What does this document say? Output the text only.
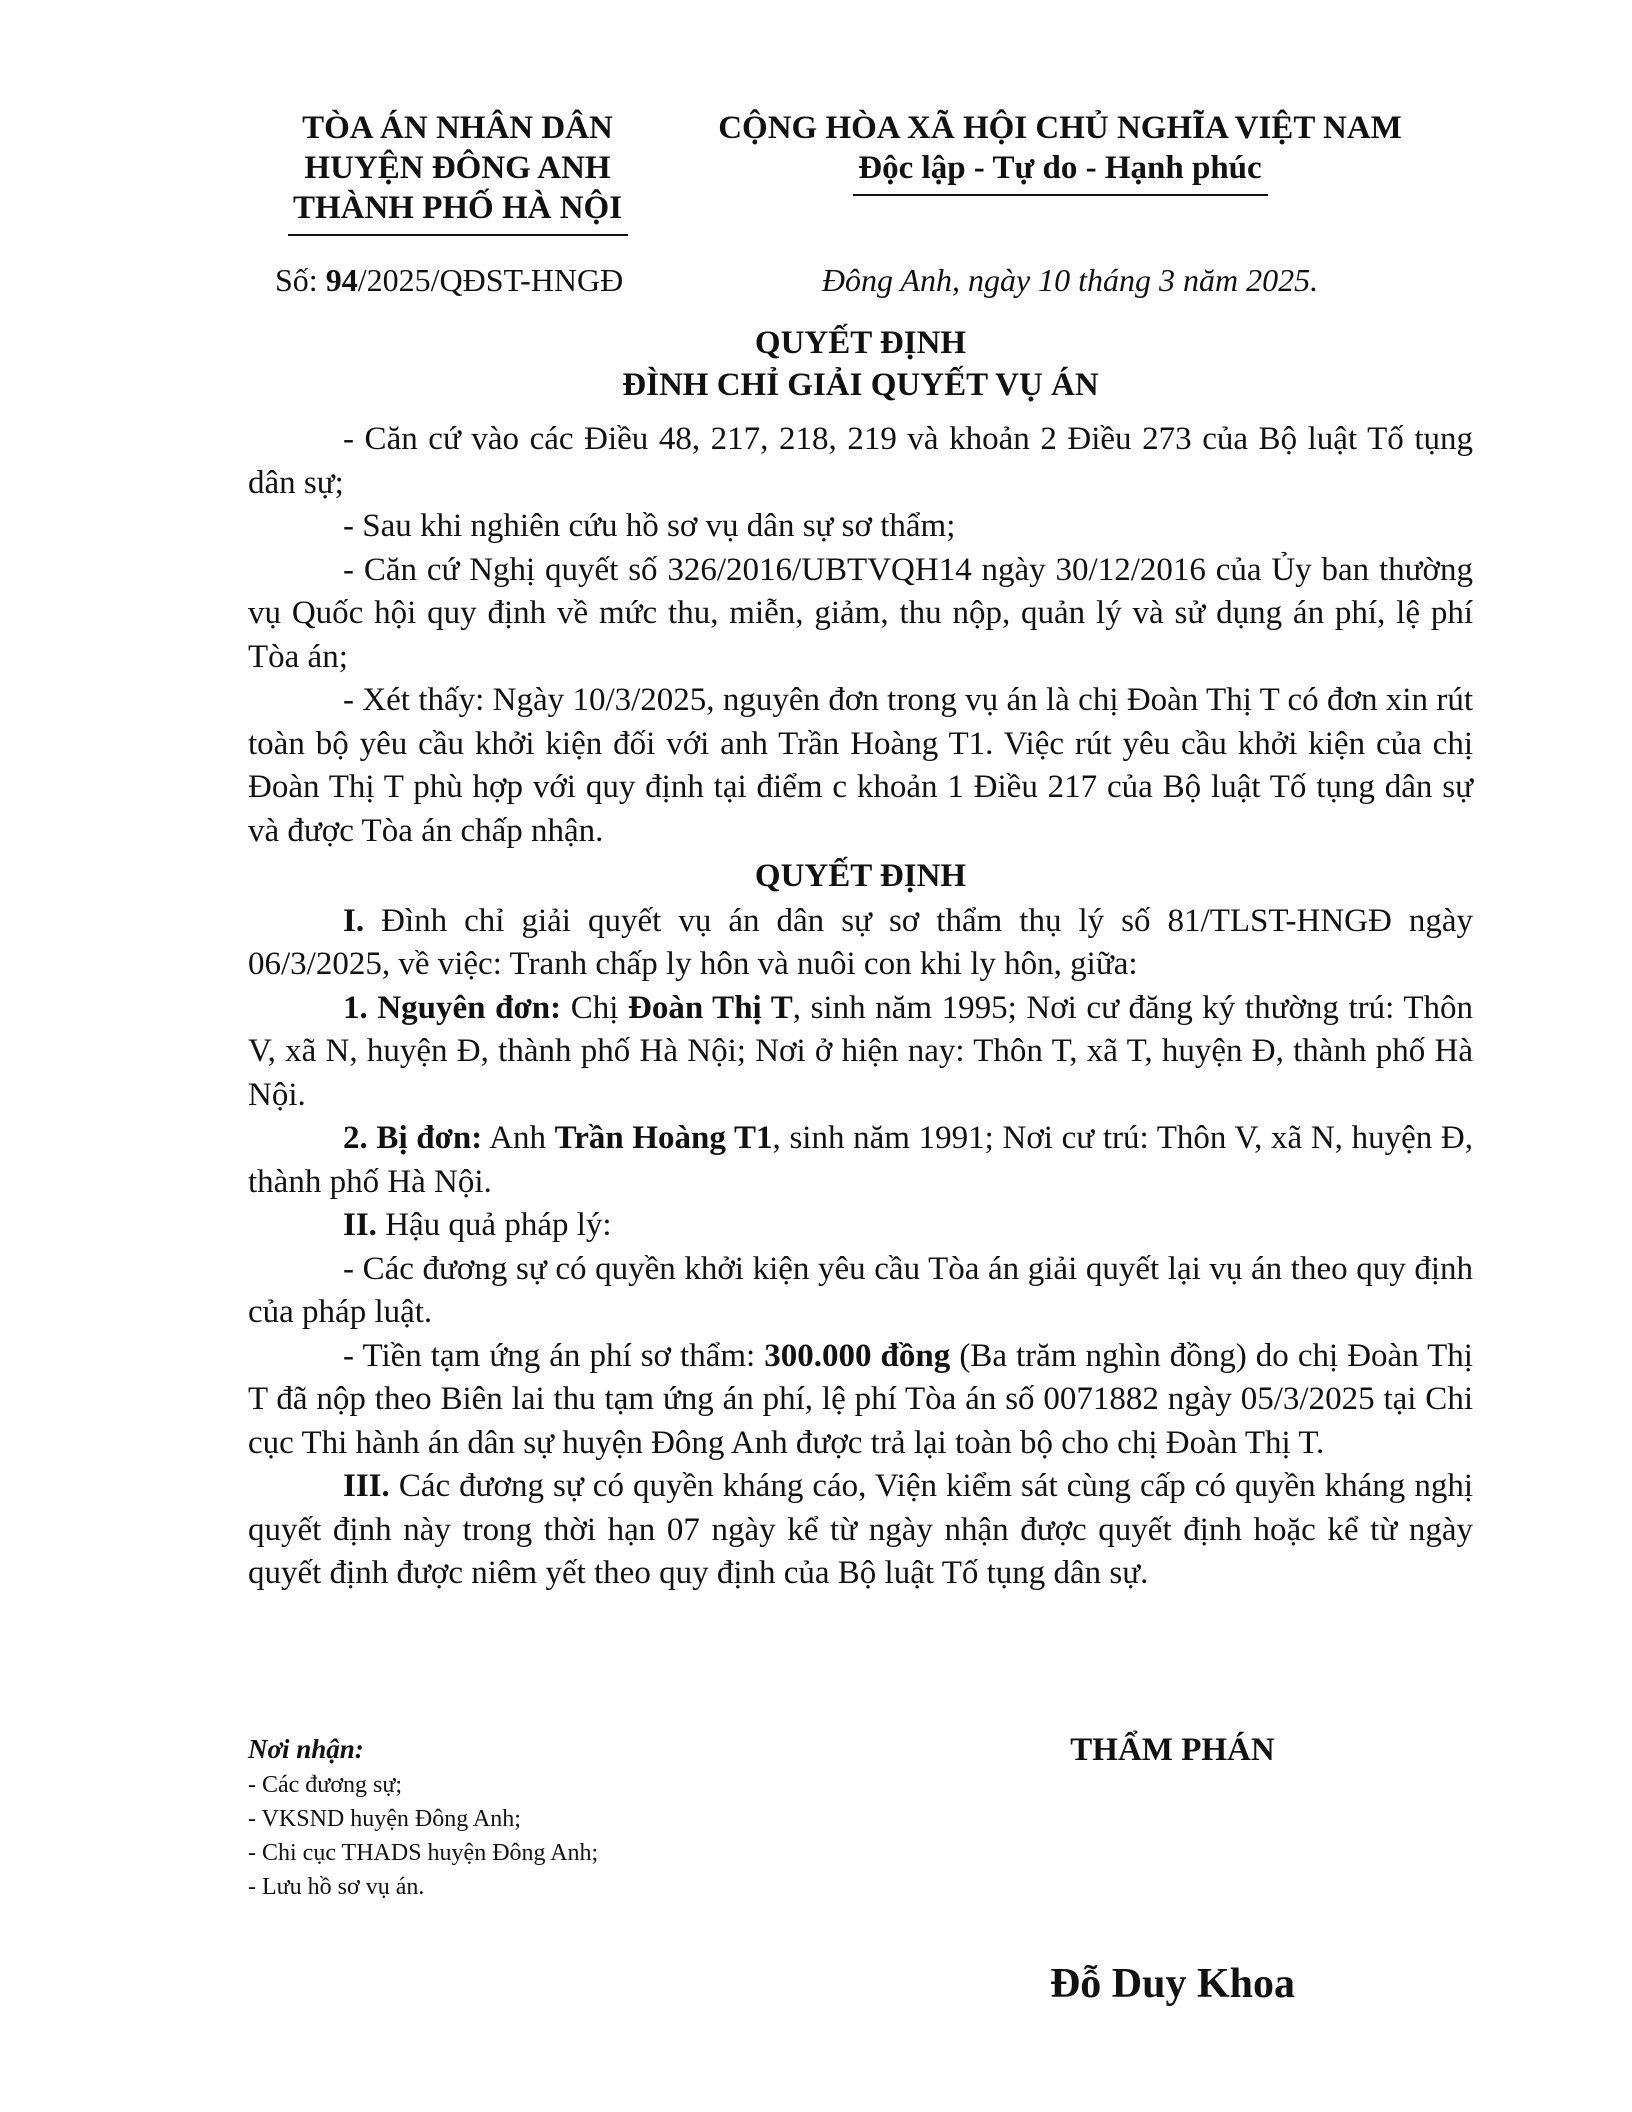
TÒA ÁN NHÂN DÂN
HUYỆN ĐÔNG ANH
THÀNH PHỐ HÀ NỘI
CỘNG HÒA XÃ HỘI CHỦ NGHĨA VIỆT NAM
Độc lập - Tự do - Hạnh phúc
Số: 94/2025/QĐST-HNGĐ	Đông Anh, ngày 10 tháng 3 năm 2025.
QUYẾT ĐỊNH
ĐÌNH CHỈ GIẢI QUYẾT VỤ ÁN

- Căn cứ vào các Điều 48, 217, 218, 219 và khoản 2 Điều 273 của Bộ luật Tố tụng dân sự;

- Sau khi nghiên cứu hồ sơ vụ dân sự sơ thẩm;

- Căn cứ Nghị quyết số 326/2016/UBTVQH14 ngày 30/12/2016 của Ủy ban thường vụ Quốc hội quy định về mức thu, miễn, giảm, thu nộp, quản lý và sử dụng án phí, lệ phí Tòa án;

- Xét thấy: Ngày 10/3/2025, nguyên đơn trong vụ án là chị Đoàn Thị T có đơn xin rút toàn bộ yêu cầu khởi kiện đối với anh Trần Hoàng T1. Việc rút yêu cầu khởi kiện của chị Đoàn Thị T phù hợp với quy định tại điểm c khoản 1 Điều 217 của Bộ luật Tố tụng dân sự và được Tòa án chấp nhận.

QUYẾT ĐỊNH

I. Đình chỉ giải quyết vụ án dân sự sơ thẩm thụ lý số 81/TLST-HNGĐ ngày 06/3/2025, về việc: Tranh chấp ly hôn và nuôi con khi ly hôn, giữa:

1. Nguyên đơn: Chị Đoàn Thị T, sinh năm 1995; Nơi cư đăng ký thường trú: Thôn V, xã N, huyện Đ, thành phố Hà Nội; Nơi ở hiện nay: Thôn T, xã T, huyện Đ, thành phố Hà Nội.

2. Bị đơn: Anh Trần Hoàng T1, sinh năm 1991; Nơi cư trú: Thôn V, xã N, huyện Đ, thành phố Hà Nội.

II. Hậu quả pháp lý:

- Các đương sự có quyền khởi kiện yêu cầu Tòa án giải quyết lại vụ án theo quy định của pháp luật.

- Tiền tạm ứng án phí sơ thẩm: 300.000 đồng (Ba trăm nghìn đồng) do chị Đoàn Thị T đã nộp theo Biên lai thu tạm ứng án phí, lệ phí Tòa án số 0071882 ngày 05/3/2025 tại Chi cục Thi hành án dân sự huyện Đông Anh được trả lại toàn bộ cho chị Đoàn Thị T.

III. Các đương sự có quyền kháng cáo, Viện kiểm sát cùng cấp có quyền kháng nghị quyết định này trong thời hạn 07 ngày kể từ ngày nhận được quyết định hoặc kể từ ngày quyết định được niêm yết theo quy định của Bộ luật Tố tụng dân sự.

Nơi nhận:
- Các đương sự;
- VKSND huyện Đông Anh;
- Chi cục THADS huyện Đông Anh;
- Lưu hồ sơ vụ án.
THẨM PHÁN
Đỗ Duy Khoa
